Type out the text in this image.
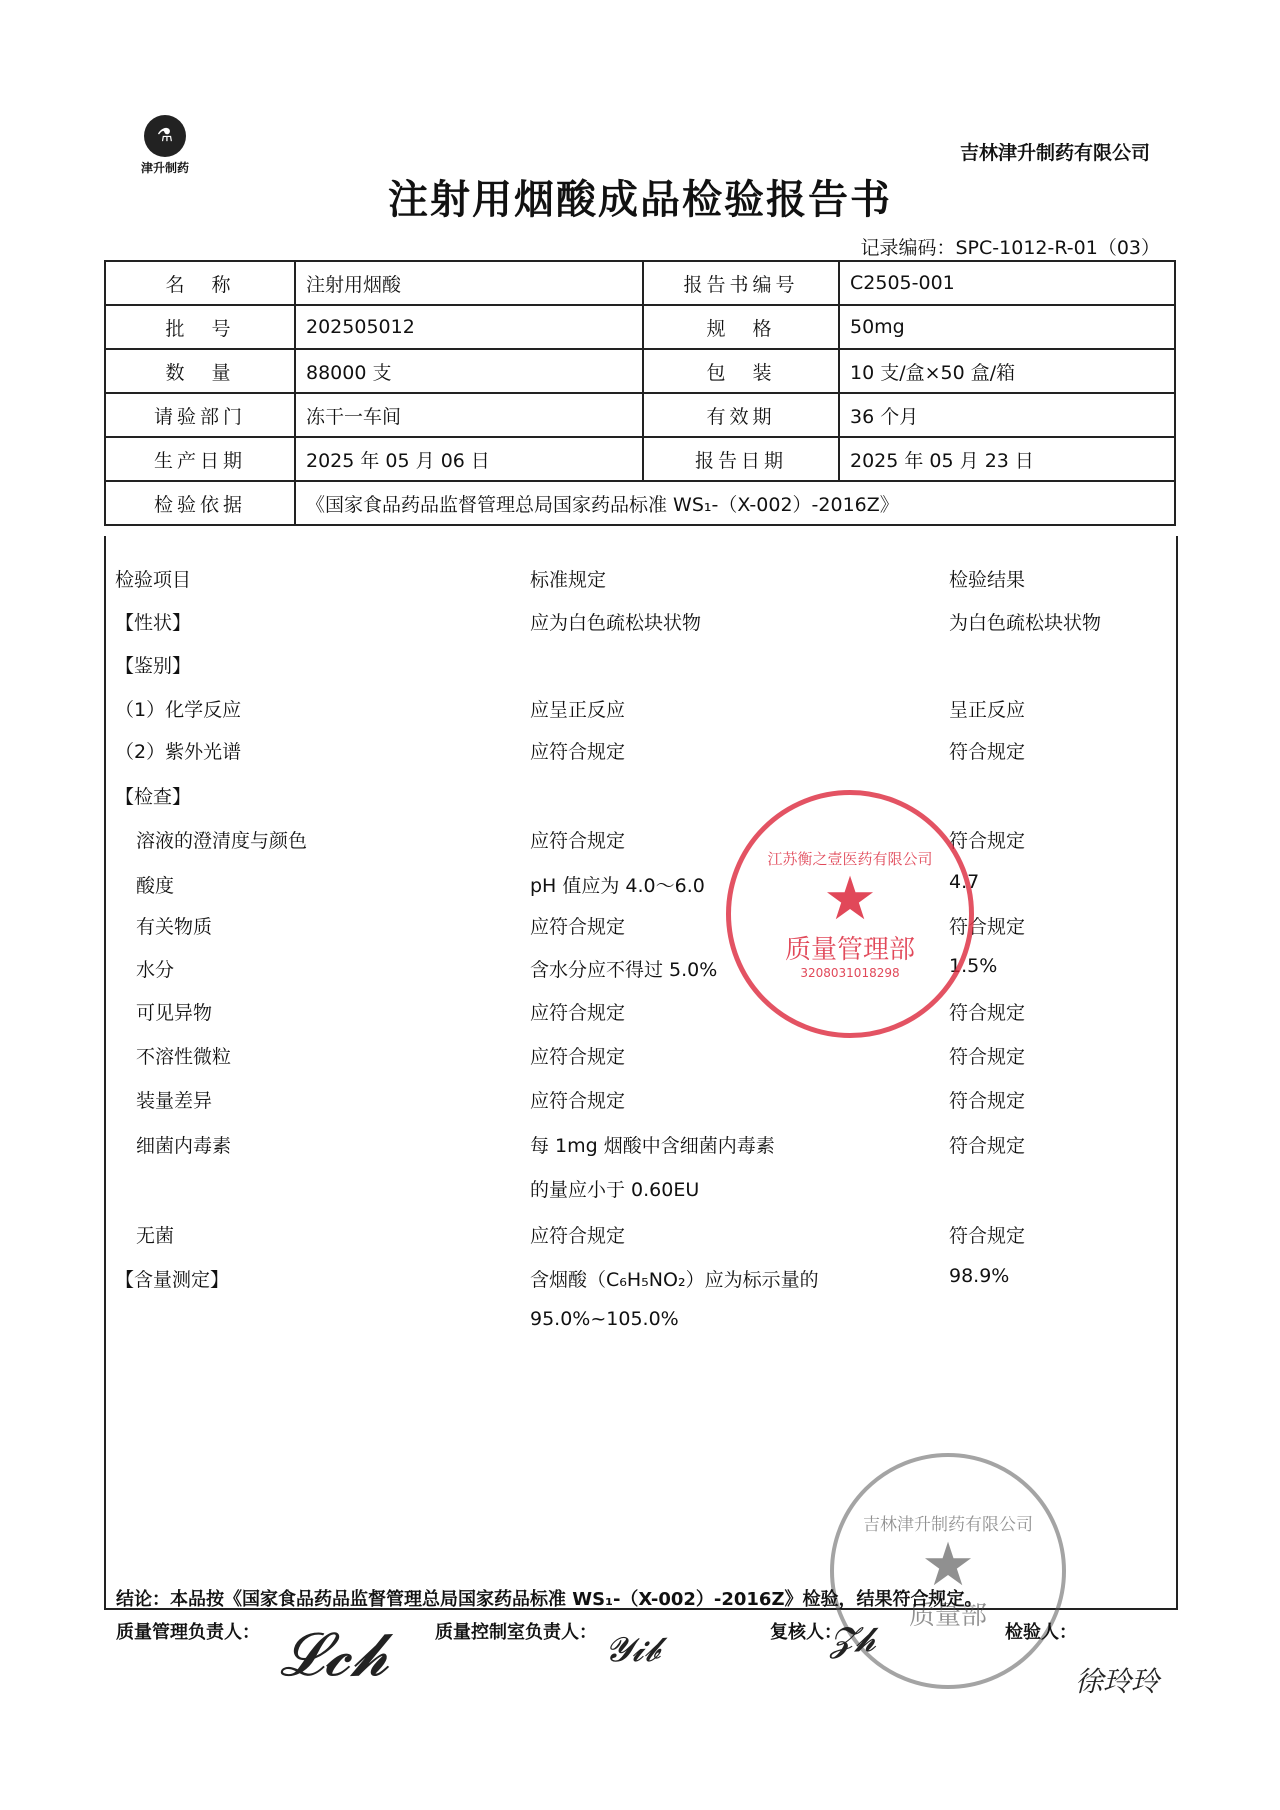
⚗
津升制药
吉林津升制药有限公司
注射用烟酸成品检验报告书
记录编码：SPC-1012-R-01（03）
名　称	注射用烟酸	报告书编号	C2505-001
批　号	202505012	规　格	50mg
数　量	88000 支	包　装	10 支/盒×50 盒/箱
请验部门	冻干一车间	有效期	36 个月
生产日期	2025 年 05 月 06 日	报告日期	2025 年 05 月 23 日
检验依据	《国家食品药品监督管理总局国家药品标准 WS₁-（X-002）-2016Z》		
检验项目	标准规定	检验结果
【性状】	应为白色疏松块状物	为白色疏松块状物
【鉴别】
（1）化学反应	应呈正反应	呈正反应
（2）紫外光谱	应符合规定	符合规定
【检查】
溶液的澄清度与颜色	应符合规定	符合规定
酸度	pH 值应为 4.0～6.0	4.7
有关物质	应符合规定	符合规定
水分	含水分应不得过 5.0%	1.5%
可见异物	应符合规定	符合规定
不溶性微粒	应符合规定	符合规定
装量差异	应符合规定	符合规定
细菌内毒素	每 1mg 烟酸中含细菌内毒素	符合规定
的量应小于 0.60EU
无菌	应符合规定	符合规定
【含量测定】	含烟酸（C₆H₅NO₂）应为标示量的	98.9%
95.0%~105.0%
江苏衡之壹医药有限公司
★
质量管理部
3208031018298
吉林津升制药有限公司
★
质量部
结论：本品按《国家食品药品监督管理总局国家药品标准 WS₁-（X-002）-2016Z》检验，结果符合规定。
质量管理负责人：	质量控制室负责人：	复核人：	检验人：
𝓛𝓬𝓱	𝓨𝓲𝓫	𝓩𝓱
徐玲玲
